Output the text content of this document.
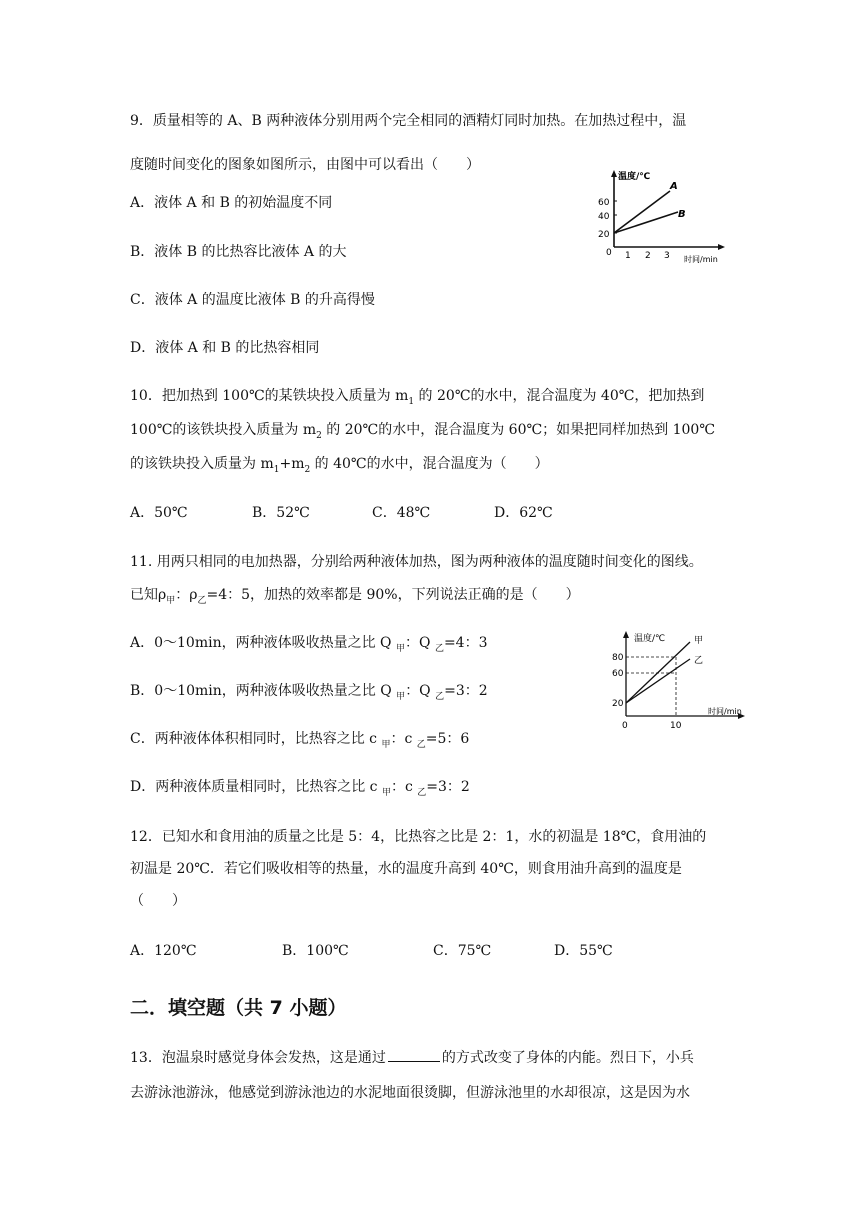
9．质量相等的 A、B 两种液体分别用两个完全相同的酒精灯同时加热。在加热过程中，温
度随时间变化的图象如图所示，由图中可以看出（　　）
A．液体 A 和 B 的初始温度不同
B．液体 B 的比热容比液体 A 的大
C．液体 A 的温度比液体 B 的升高得慢
D．液体 A 和 B 的比热容相同
温度/℃
时间/min
60
40
20
0 1 2 3
A
B
10．把加热到 100℃的某铁块投入质量为 $m_1$ 的 20℃的水中，混合温度为 40℃，把加热到
100℃的该铁块投入质量为 $m_2$ 的 20℃的水中，混合温度为 60℃；如果把同样加热到 100℃
的该铁块投入质量为 $m_1+m_2$ 的 40℃的水中，混合温度为（　　）
A．50℃	B．52℃	C．48℃	D．62℃
11. 用两只相同的电加热器，分别给两种液体加热，图为两种液体的温度随时间变化的图线。
已知$\rho_甲$：$\rho_乙=4$：5，加热的效率都是 90%，下列说法正确的是（　　）
A．0～10min，两种液体吸收热量之比 Q $_甲$：Q $_乙$=4：3
B．0～10min，两种液体吸收热量之比 Q $_甲$：Q $_乙$=3：2
C．两种液体体积相同时，比热容之比 c $_甲$：c $_乙$=5：6
D．两种液体质量相同时，比热容之比 c $_甲$：c $_乙$=3：2
温度/℃
时间/min
80
60
20
0	10
甲
乙
12．已知水和食用油的质量之比是 5：4，比热容之比是 2：1，水的初温是 18℃，食用油的
初温是 20℃．若它们吸收相等的热量，水的温度升高到 40℃，则食用油升高到的温度是
（　　）
A．120℃	B．100℃	C．75℃	D．55℃
二．填空题（共 7 小题）
13．泡温泉时感觉身体会发热，这是通过	的方式改变了身体的内能。烈日下，小兵
去游泳池游泳，他感觉到游泳池边的水泥地面很烫脚，但游泳池里的水却很凉，这是因为水
